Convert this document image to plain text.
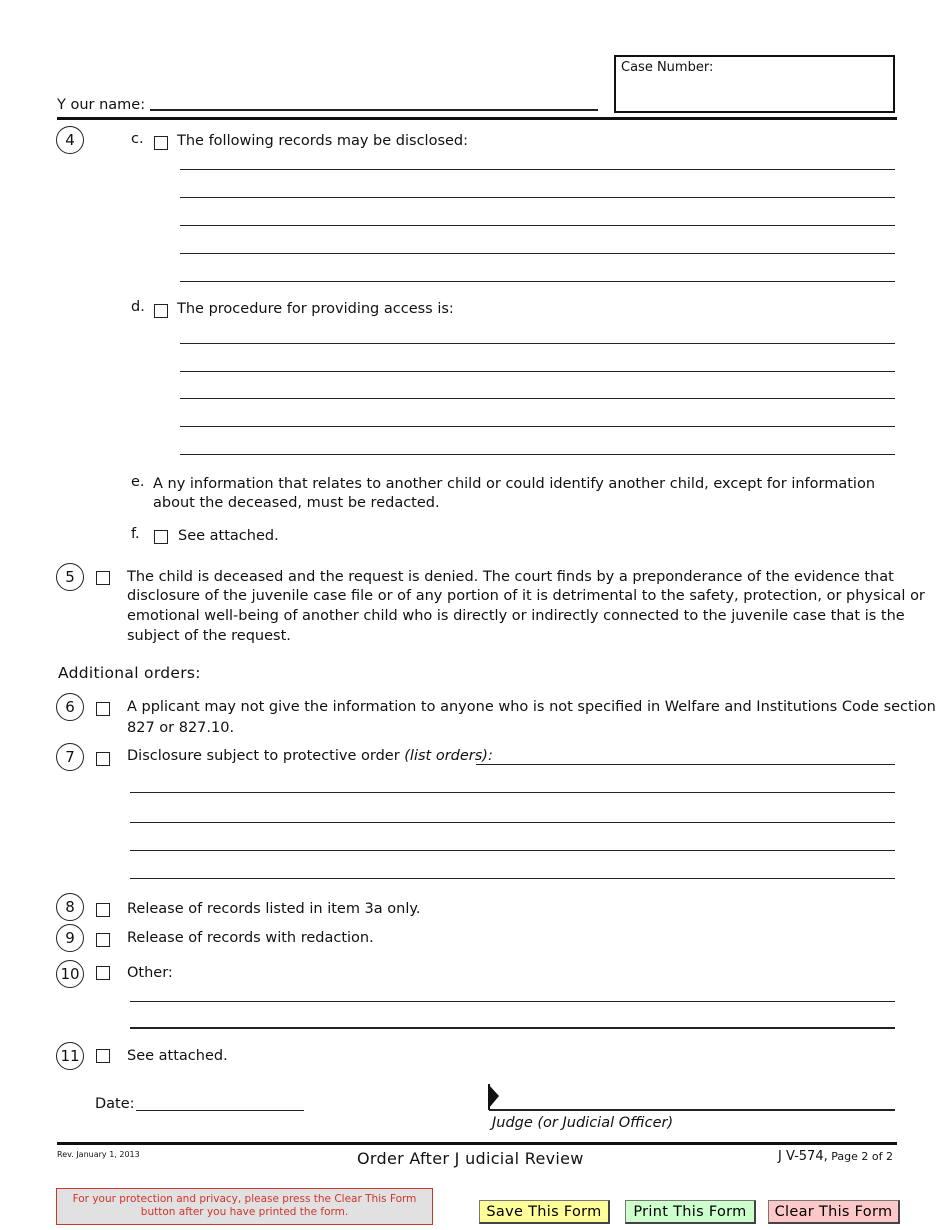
Y our name:
Case Number:
4	c. The following records may be disclosed:
d. The procedure for providing access is:
e. A ny information that relates to another child or could identify another child, except for information
about the deceased, must be redacted.
f.	See attached.
5	The child is deceased and the request is denied. The court finds by a preponderance of the evidence that
disclosure of the juvenile case file or of any portion of it is detrimental to the safety, protection, or physical or
emotional well-being of another child who is directly or indirectly connected to the juvenile case that is the
subject of the request.
Additional orders:
6	A pplicant may not give the information to anyone who is not specified in Welfare and Institutions Code section
827 or 827.10.
7	Disclosure subject to protective order (list orders):
8	Release of records listed in item 3a only.
9	Release of records with redaction.
10	Other:
11	See attached.
Date:
Judge (or Judicial Officer)
Rev. January 1, 2013	Order After J udicial Review	J V-574, Page 2 of 2
For your protection and privacy, please press the Clear This Form
button after you have printed the form.	Save This Form	Print This Form	Clear This Form
